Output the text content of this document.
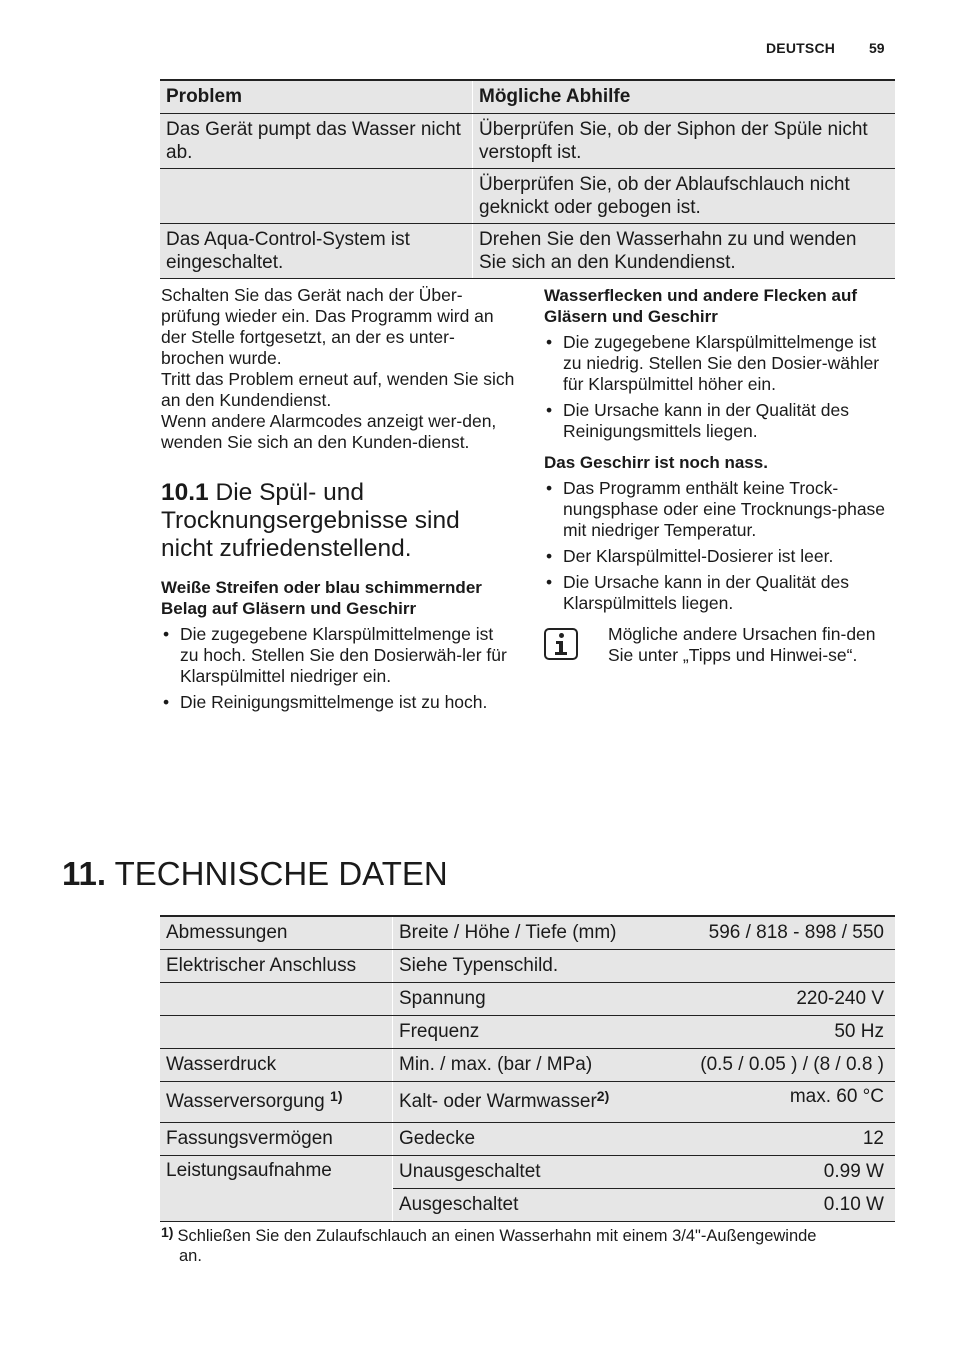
DEUTSCH 59
Problem	Mögliche Abhilfe
Das Gerät pumpt das Wasser nicht ab.	Überprüfen Sie, ob der Siphon der Spüle nicht verstopft ist.
	Überprüfen Sie, ob der Ablaufschlauch nicht geknickt oder gebogen ist.
Das Aqua-Control-System ist eingeschaltet.	Drehen Sie den Wasserhahn zu und wenden Sie sich an den Kundendienst.

Schalten Sie das Gerät nach der Über-prüfung wieder ein. Das Programm wird an der Stelle fortgesetzt, an der es unter-brochen wurde.

Tritt das Problem erneut auf, wenden Sie sich an den Kundendienst.

Wenn andere Alarmcodes anzeigt wer-den, wenden Sie sich an den Kunden-dienst.

10.1 Die Spül- und Trocknungsergebnisse sind nicht zufriedenstellend.
Weiße Streifen oder blau schimmernder Belag auf Gläsern und Geschirr
• Die zugegebene Klarspülmittelmenge ist zu hoch. Stellen Sie den Dosierwäh-ler für Klarspülmittel niedriger ein.
• Die Reinigungsmittelmenge ist zu hoch.
Wasserflecken und andere Flecken auf Gläsern und Geschirr
• Die zugegebene Klarspülmittelmenge ist zu niedrig. Stellen Sie den Dosier-wähler für Klarspülmittel höher ein.
• Die Ursache kann in der Qualität des Reinigungsmittels liegen.
Das Geschirr ist noch nass.
• Das Programm enthält keine Trock-nungsphase oder eine Trocknungs-phase mit niedriger Temperatur.
• Der Klarspülmittel-Dosierer ist leer.
• Die Ursache kann in der Qualität des Klarspülmittels liegen.
Mögliche andere Ursachen fin-den Sie unter „Tipps und Hinwei-se“.
11. TECHNISCHE DATEN
Abmessungen	Breite / Höhe / Tiefe (mm)	596 / 818 - 898 / 550
Elektrischer Anschluss	Siehe Typenschild.	
	Spannung	220-240 V
	Frequenz	50 Hz
Wasserdruck	Min. / max. (bar / MPa)	(0.5 / 0.05 ) / (8 / 0.8 )
Wasserversorgung $^{1)}$	Kalt- oder Warmwasser$^{2)}$	max. 60 °C
Fassungsvermögen	Gedecke	12
Leistungsaufnahme	Unausgeschaltet	0.99 W
	Ausgeschaltet	0.10 W
$^{1)}$ Schließen Sie den Zulaufschlauch an einen Wasserhahn mit einem 3/4"-Außengewinde
an.
